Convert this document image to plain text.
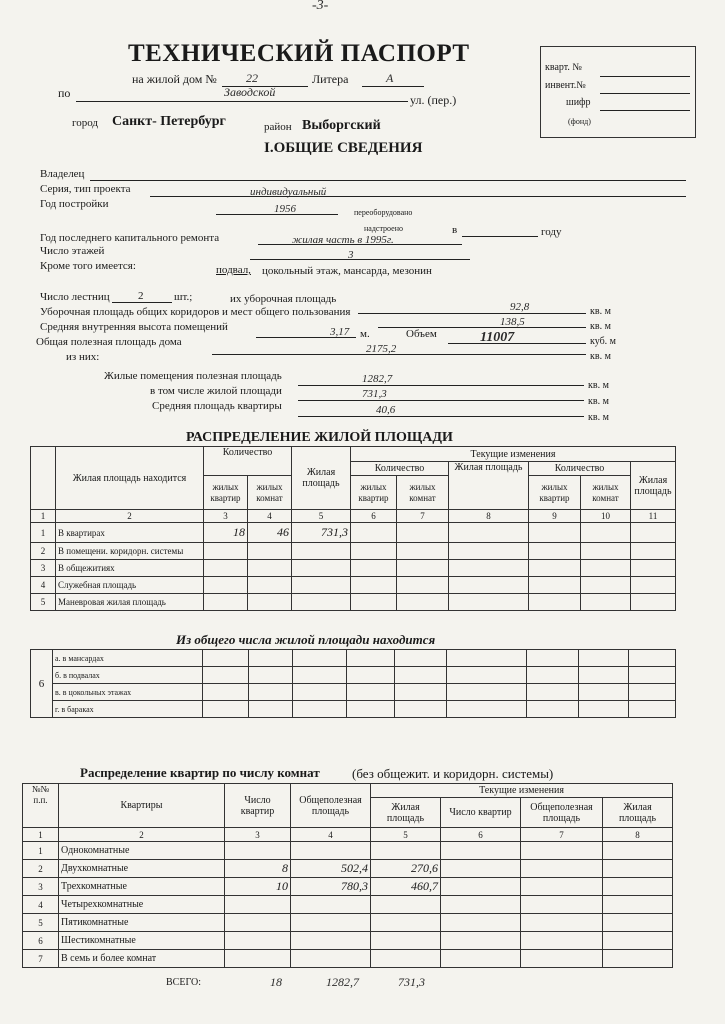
-3-
ТЕХНИЧЕСКИЙ ПАСПОРТ
на жилой дом № 22	Литера	А
по	Заводской
ул. (пер.)
город Санкт- Петербург	район Выборгский
кварт. №
инвент.№
шифр
(фонд)
I.ОБЩИЕ СВЕДЕНИЯ
Владелец
Серия, тип проекта	индивидуальный
Год постройки	1956	переоборудовано
надстроено	в	году
Год последнего капитального ремонта	жилая часть в 1995г.
Число этажей	3
Кроме того имеется:	подвал, цокольный этаж, мансарда, мезонин
Число лестниц	2	шт.;	их уборочная площадь
92,8	кв. м
Уборочная площадь общих коридоров и мест общего пользования
138,5	кв. м
Средняя внутренняя высота помещений	3,17 м.	Объем	11007	куб. м
Общая полезная площадь дома
2175,2
кв. м
из них:
Жилые помещения полезная площадь	1282,7
кв. м
в том числе жилой площади	731,3
кв. м
Средняя площадь квартиры	40,6
кв. м
РАСПРЕДЕЛЕНИЕ ЖИЛОЙ ПЛОЩАДИ
	Жилая площадь находится	Количество		Жилая площадь	Текущие изменения					
					Количество		Жилая площадь	Количество		Жилая площадь
		жилых квартир	жилых комнат		жилых квартир	жилых комнат		жилых квартир	жилых комнат	
1	2	3	4	5	6	7	8	9	10	11
1	В квартирах	18	46	731,3						
2	В помещени. коридорн. системы									
3	В общежитиях									
4	Служебная площадь									
5	Маневровая жилая площадь									
Из общего числа жилой площади находится
6	а. в мансардах									
	б. в подвалах									
	в. в цокольных этажах									
	г. в бараках									
Распределение квартир по числу комнат (без общежит. и коридорн. системы)
№№ п.п.	Квартиры	Число квартир	Общеполезная площадь	Текущие изменения			
				Жилая площадь	Число квартир	Общеполезная площадь	Жилая площадь
1	2	3	4	5	6	7	8
1	Однокомнатные						
2	Двухкомнатные	8	502,4	270,6			
3	Трехкомнатные	10	780,3	460,7			
4	Четырехкомнатные						
5	Пятикомнатные						
6	Шестикомнатные						
7	В семь и более комнат						
ВСЕГО:	18	1282,7	731,3
